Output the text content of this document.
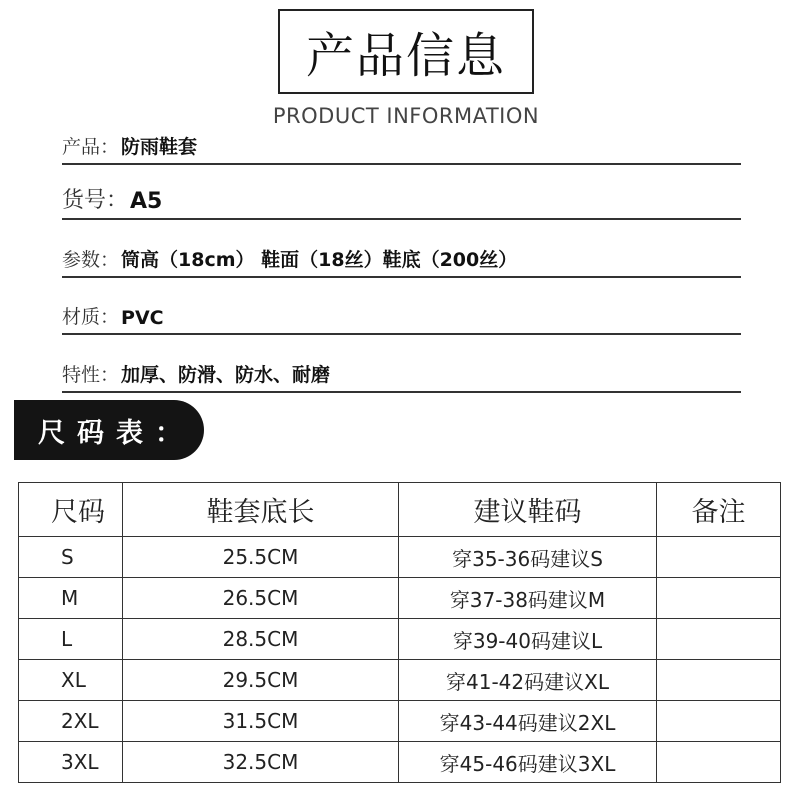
产品信息
PRODUCT INFORMATION
产品： 防雨鞋套
货号： A5
参数： 筒高（18cm） 鞋面（18丝）鞋底（200丝）
材质： PVC
特性： 加厚、防滑、防水、耐磨
尺码表：
尺码	鞋套底长	建议鞋码	备注
S	25.5CM	穿35-36码建议S	
M	26.5CM	穿37-38码建议M	
L	28.5CM	穿39-40码建议L	
XL	29.5CM	穿41-42码建议XL	
2XL	31.5CM	穿43-44码建议2XL	
3XL	32.5CM	穿45-46码建议3XL	
